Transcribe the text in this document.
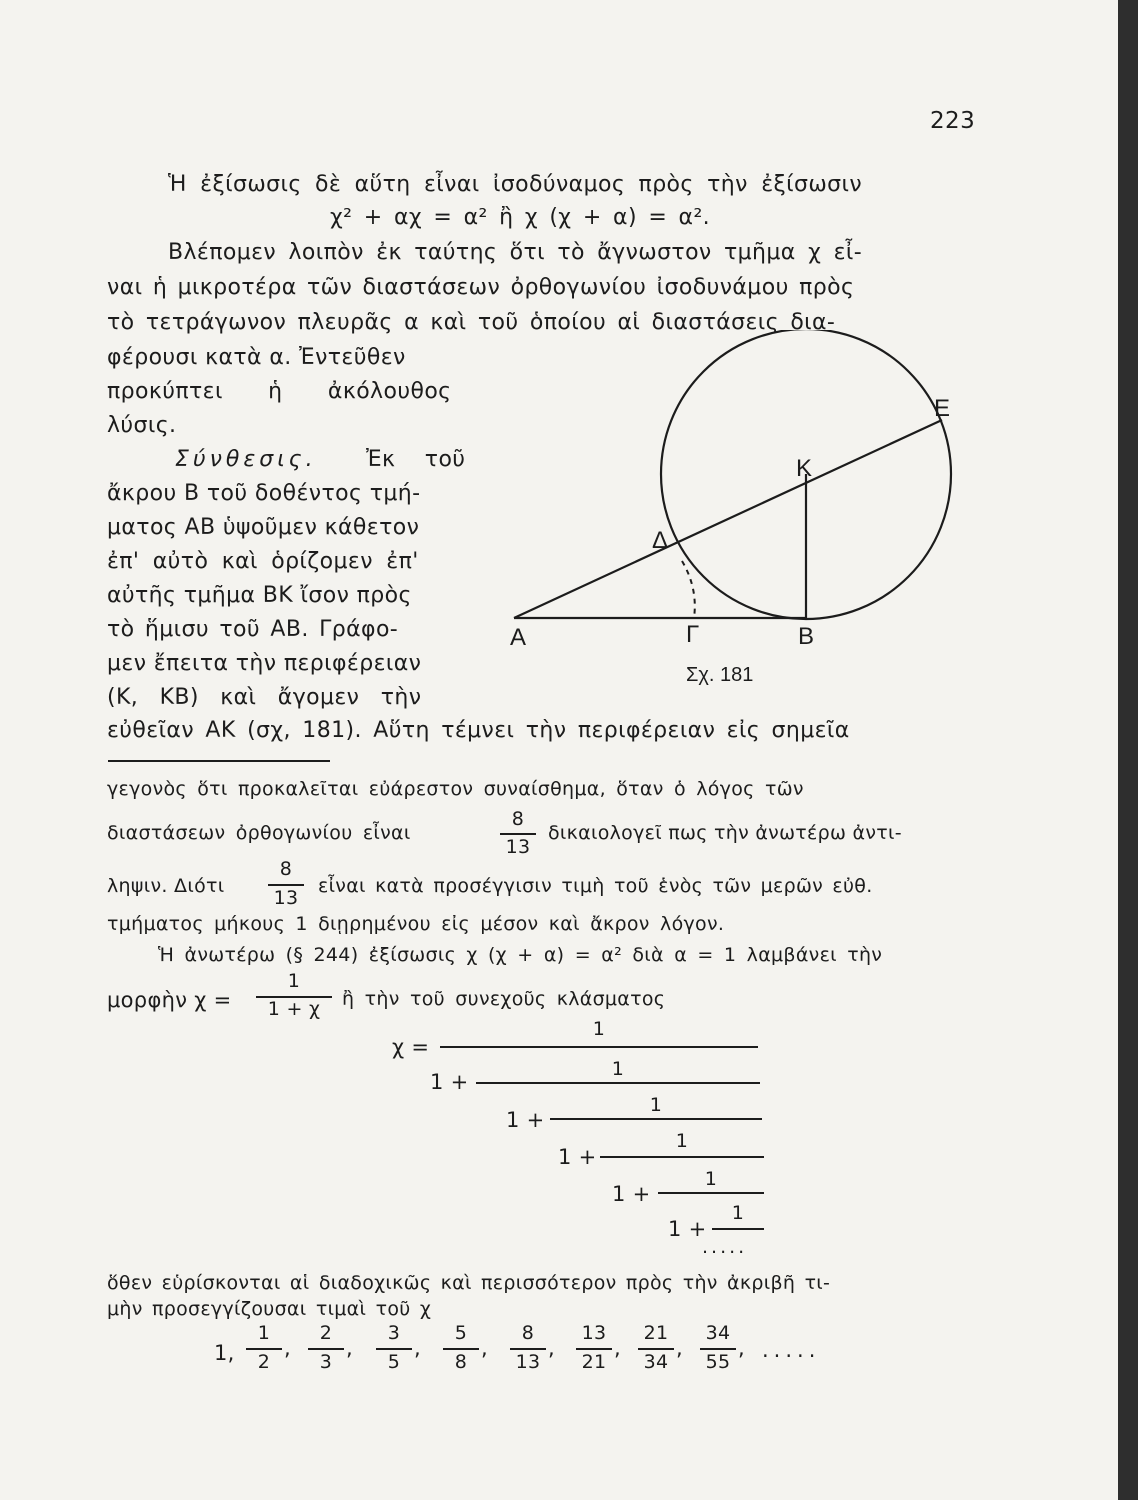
223
Ἡ ἐξίσωσις δὲ αὕτη εἶναι ἰσοδύναμος πρὸς τὴν ἐξίσωσιν
χ² + αχ = α² ἢ χ (χ + α) = α².
Βλέπομεν λοιπὸν ἐκ ταύτης ὅτι τὸ ἄγνωστον τμῆμα χ εἶ-
ναι ἡ μικροτέρα τῶν διαστάσεων ὀρθογωνίου ἰσοδυνάμου πρὸς
τὸ τετράγωνον πλευρᾶς α καὶ τοῦ ὁποίου αἱ διαστάσεις δια-
φέρουσι κατὰ α. Ἐντεῦθεν
προκύπτει ἡ ἀκόλουθος
λύσις.
Σύνθεσις. Ἐκ τοῦ
ἄκρου Β τοῦ δοθέντος τμή-
ματος ΑΒ ὑψοῦμεν κάθετον
ἐπ' αὐτὸ καὶ ὁρίζομεν ἐπ'
αὐτῆς τμῆμα ΒΚ ἴσον πρὸς
τὸ ἥμισυ τοῦ ΑΒ. Γράφο-
μεν ἔπειτα τὴν περιφέρειαν
(Κ, ΚΒ) καὶ ἄγομεν τὴν
εὐθεῖαν ΑΚ (σχ, 181). Αὕτη τέμνει τὴν περιφέρειαν εἰς σημεῖα
Α	Β
Γ
Δ
Κ
Ε
Σχ. 181
γεγονὸς ὅτι προκαλεῖται εὐάρεστον συναίσθημα, ὅταν ὁ λόγος τῶν
διαστάσεων ὀρθογωνίου εἶναι
8
13
δικαιολογεῖ πως τὴν ἀνωτέρω ἀντι-
ληψιν. Διότι
8
13
εἶναι κατὰ προσέγγισιν τιμὴ τοῦ ἑνὸς τῶν μερῶν εὐθ.
τμήματος μήκους 1 διῃρημένου εἰς μέσον καὶ ἄκρον λόγον.
Ἡ ἀνωτέρω (§ 244) ἐξίσωσις χ (χ + α) = α² διὰ α = 1 λαμβάνει τὴν
μορφὴν χ =
1
1 + χ	ἢ τὴν τοῦ συνεχοῦς κλάσματος
χ =
1
1 +
1
1 +
1
1 +
1
1 +
1
1 +
1
.....
ὅθεν εὑρίσκονται αἱ διαδοχικῶς καὶ περισσότερον πρὸς τὴν ἀκριβῆ τι-
μὴν προσεγγίζουσαι τιμαὶ τοῦ χ
1,
1
2
,
2
3
,
3
5
,
5
8
,
8
13
,
13
21
,
21
34
,
34
55
, .....
